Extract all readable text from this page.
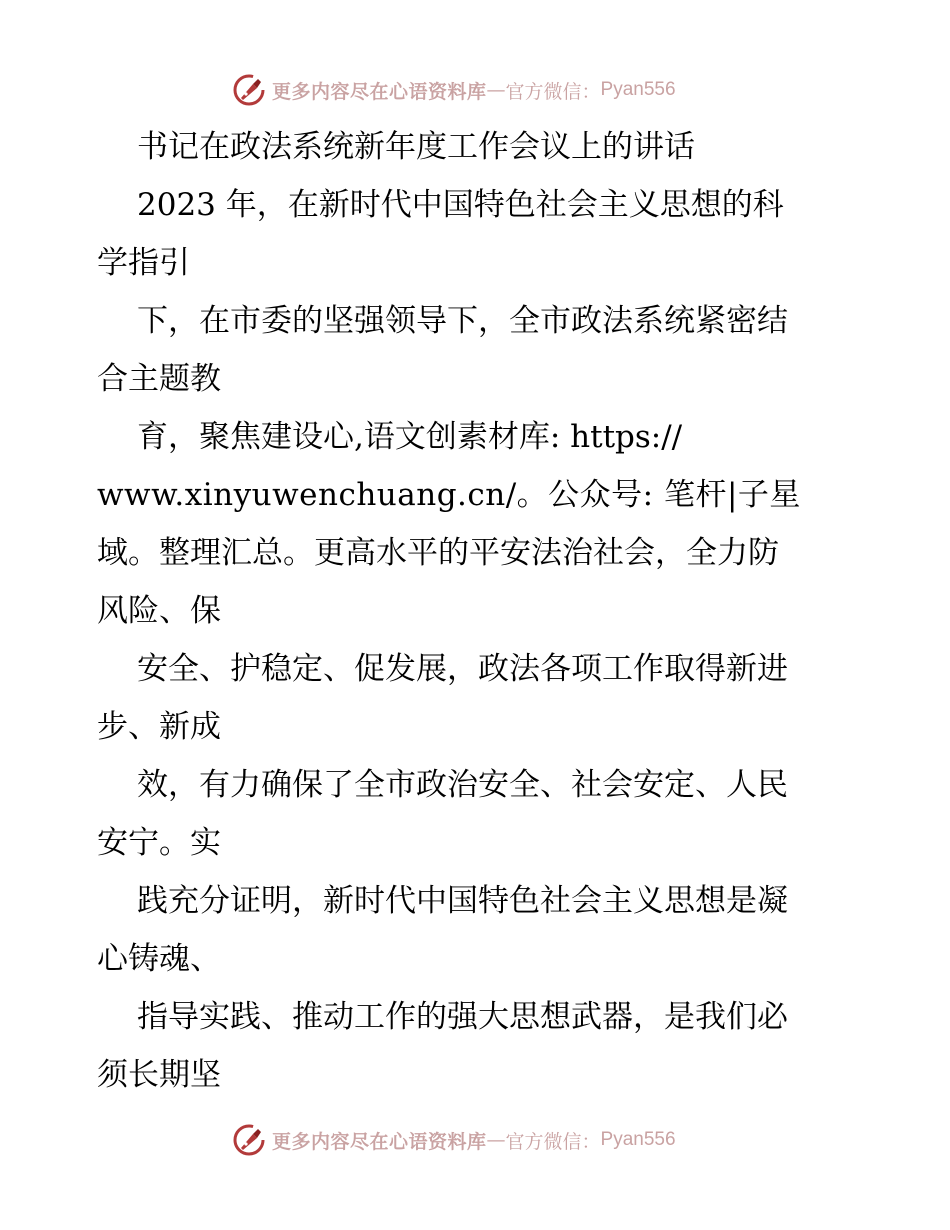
更多内容尽在心语资料库 — 官方微信： Pyan556
书记在政法系统新年度工作会议上的讲话
2023 年，在新时代中国特色社会主义思想的科
学指引
下，在市委的坚强领导下，全市政法系统紧密结
合主题教
育，聚焦建设心,语文创素材库: https://
www.xinyuwenchuang.cn/。公众号: 笔杆|子星
域。整理汇总。更高水平的平安法治社会，全力防
风险、保
安全、护稳定、促发展，政法各项工作取得新进
步、新成
效，有力确保了全市政治安全、社会安定、人民
安宁。实
践充分证明，新时代中国特色社会主义思想是凝
心铸魂、
指导实践、推动工作的强大思想武器，是我们必
须长期坚
更多内容尽在心语资料库 — 官方微信： Pyan556
